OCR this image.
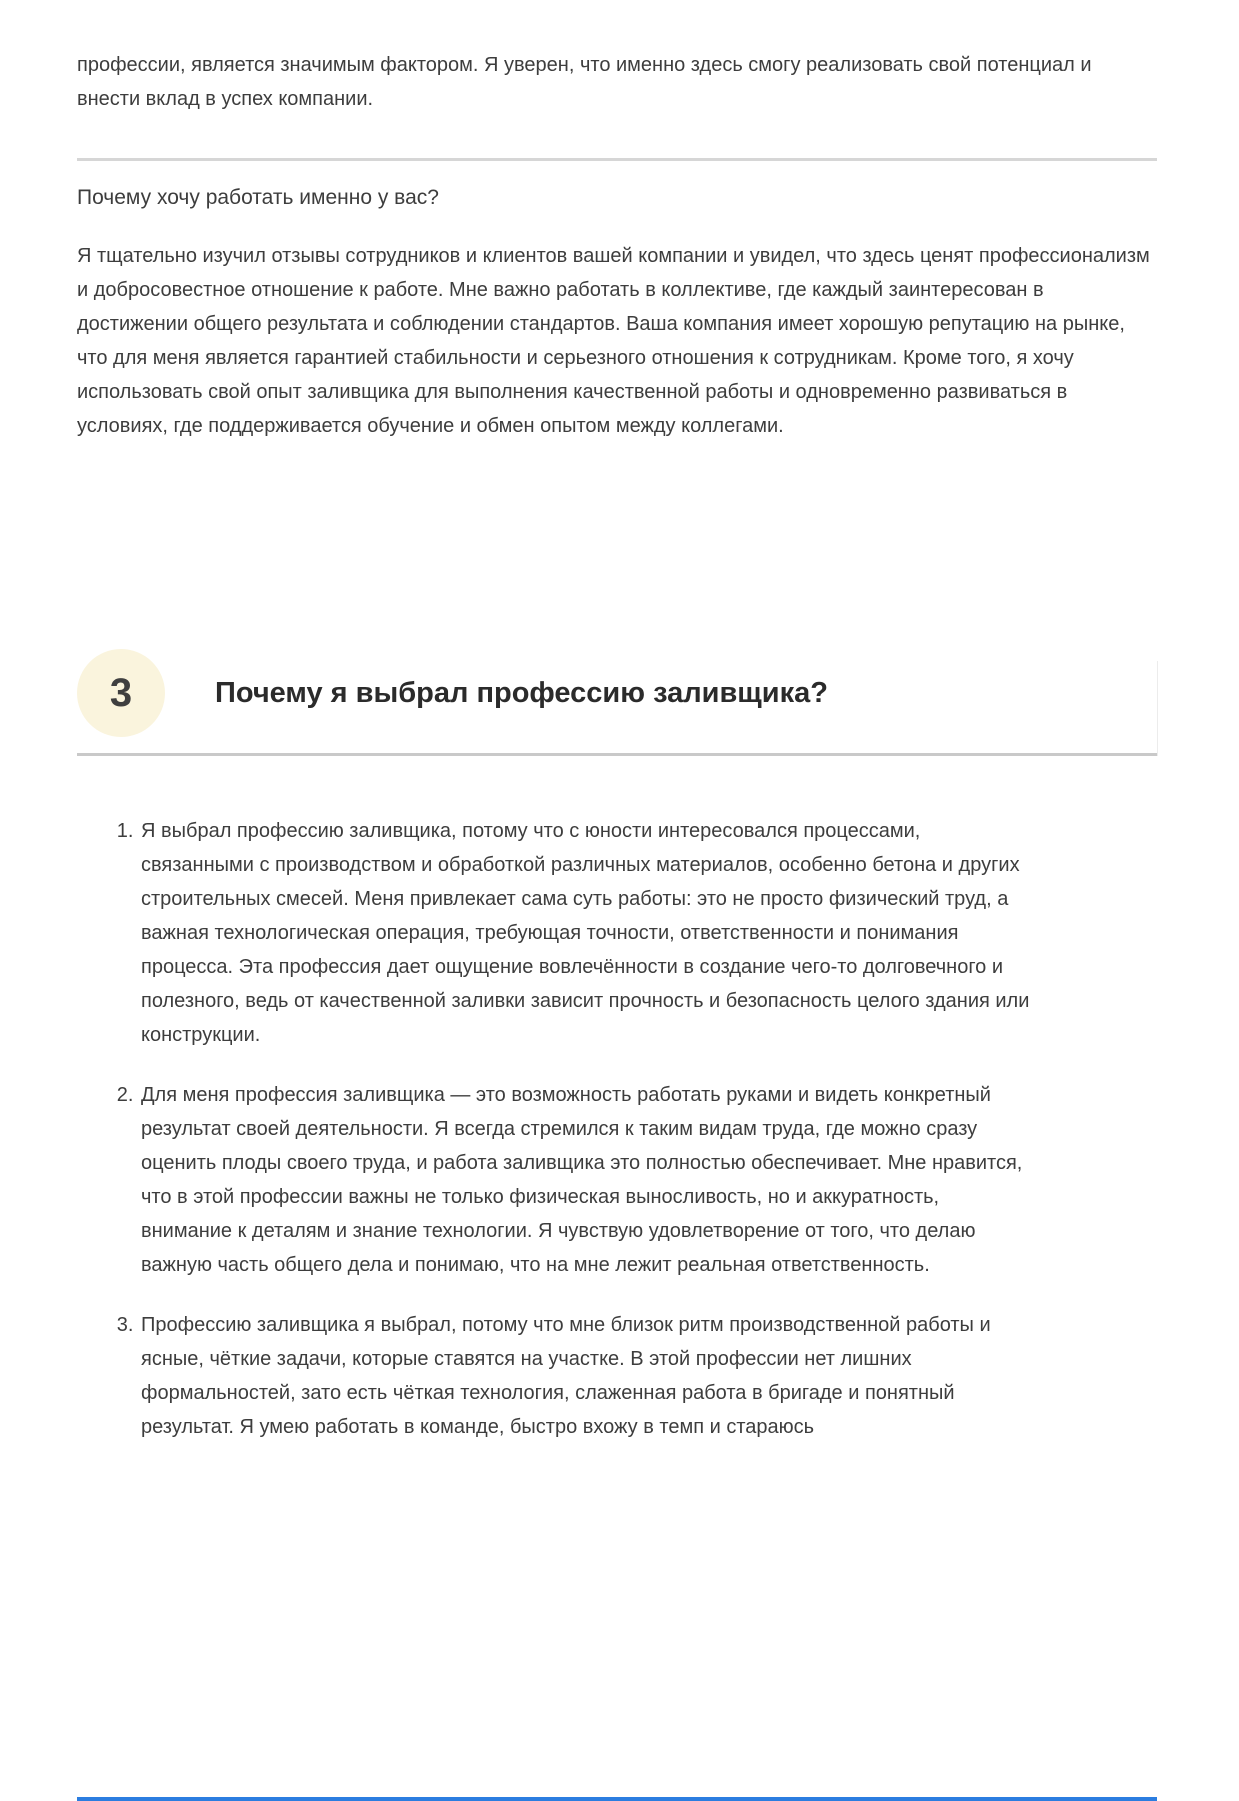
профессии, является значимым фактором. Я уверен, что именно здесь смогу реализовать свой потенциал и внести вклад в успех компании.

Почему хочу работать именно у вас?

Я тщательно изучил отзывы сотрудников и клиентов вашей компании и увидел, что здесь ценят профессионализм и добросовестное отношение к работе. Мне важно работать в коллективе, где каждый заинтересован в достижении общего результата и соблюдении стандартов. Ваша компания имеет хорошую репутацию на рынке, что для меня является гарантией стабильности и серьезного отношения к сотрудникам. Кроме того, я хочу использовать свой опыт заливщика для выполнения качественной работы и одновременно развиваться в условиях, где поддерживается обучение и обмен опытом между коллегами.

3	Почему я выбрал профессию заливщика?
1. Я выбрал профессию заливщика, потому что с юности интересовался процессами, связанными с производством и обработкой различных материалов, особенно бетона и других строительных смесей. Меня привлекает сама суть работы: это не просто физический труд, а важная технологическая операция, требующая точности, ответственности и понимания процесса. Эта профессия дает ощущение вовлечённости в создание чего-то долговечного и полезного, ведь от качественной заливки зависит прочность и безопасность целого здания или конструкции.
2. Для меня профессия заливщика — это возможность работать руками и видеть конкретный результат своей деятельности. Я всегда стремился к таким видам труда, где можно сразу оценить плоды своего труда, и работа заливщика это полностью обеспечивает. Мне нравится, что в этой профессии важны не только физическая выносливость, но и аккуратность, внимание к деталям и знание технологии. Я чувствую удовлетворение от того, что делаю важную часть общего дела и понимаю, что на мне лежит реальная ответственность.
3. Профессию заливщика я выбрал, потому что мне близок ритм производственной работы и ясные, чёткие задачи, которые ставятся на участке. В этой профессии нет лишних формальностей, зато есть чёткая технология, слаженная работа в бригаде и понятный результат. Я умею работать в команде, быстро вхожу в темп и стараюсь
